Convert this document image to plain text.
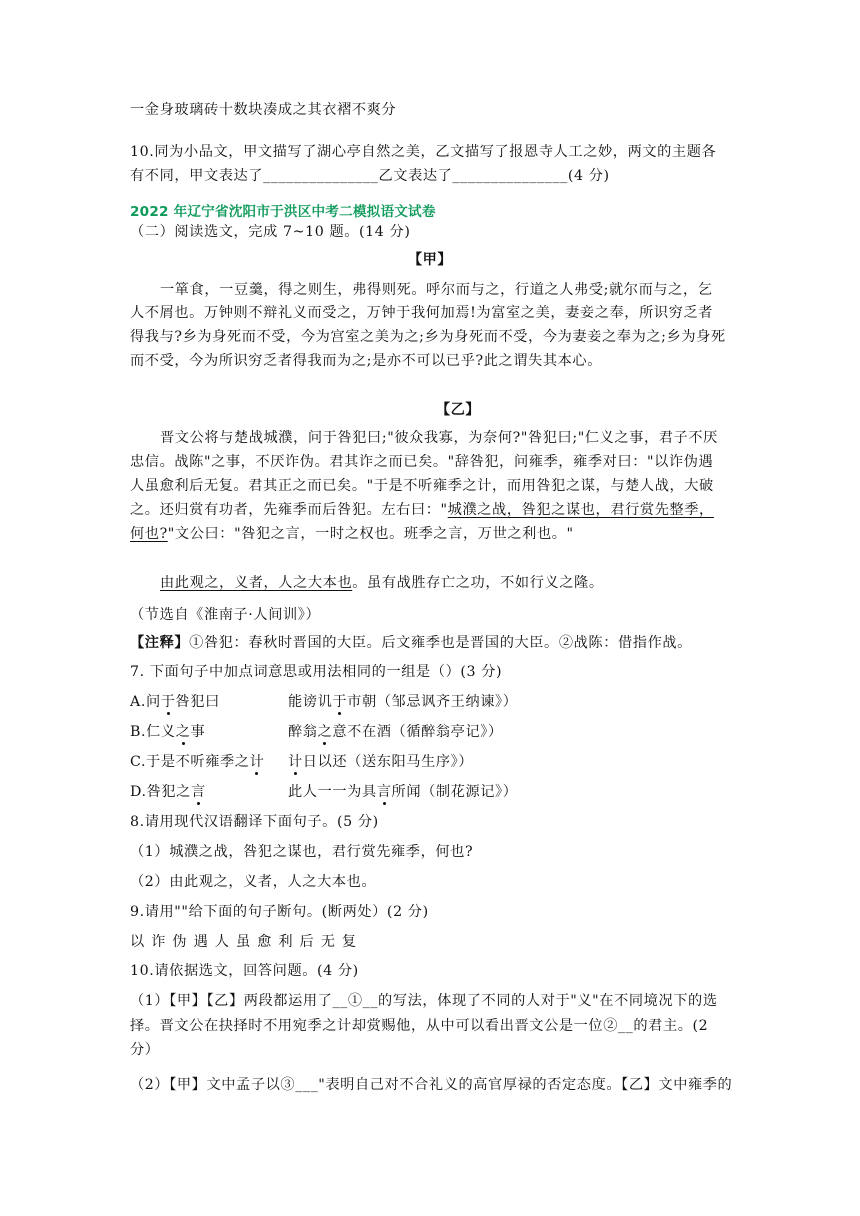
一金身玻璃砖十数块凑成之其衣褶不爽分
10.同为小品文，甲文描写了湖心亭自然之美，乙文描写了报恩寺人工之妙，两文的主题各
有不同，甲文表达了_______________乙文表达了_______________(4 分)
2022 年辽宁省沈阳市于洪区中考二模拟语文试卷
（二）阅读选文，完成 7~10 题。(14 分)
【甲】
一箪食，一豆羹，得之则生，弗得则死。呼尔而与之，行道之人弗受;就尔而与之，乞
人不屑也。万钟则不辩礼义而受之，万钟于我何加焉!为富室之美，妻妾之奉，所识穷乏者
得我与?乡为身死而不受，今为宫室之美为之;乡为身死而不受，今为妻妾之奉为之;乡为身死
而不受，今为所识穷乏者得我而为之;是亦不可以已乎?此之谓失其本心。
【乙】
晋文公将与楚战城濮，问于咎犯曰;"彼众我寡，为奈何?"咎犯曰;"仁义之事，君子不厌
忠信。战陈"之事，不厌诈伪。君其诈之而已矣。"辞咎犯，问雍季，雍季对曰："以诈伪遇
人虽愈利后无复。君其正之而已矣。"于是不听雍季之计，而用咎犯之谋，与楚人战，大破
之。还归赏有功者，先雍季而后咎犯。左右曰："城濮之战，咎犯之谋也，君行赏先整季，
何也?"文公曰："咎犯之言，一时之权也。班季之言，万世之利也。"
由此观之，义者，人之大本也。虽有战胜存亡之功，不如行义之隆。
（节选自《淮南子·人间训》）
【注释】①咎犯：春秋时晋国的大臣。后文雍季也是晋国的大臣。②战陈：借指作战。
7. 下面句子中加点词意思或用法相同的一组是（）(3 分)
A.问于咎犯曰	能谤讥于市朝（邹忌讽齐王纳谏》）
B.仁义之事	醉翁之意不在酒（循醉翁亭记》）
C.于是不听雍季之计 计日以还（送东阳马生序》）
D.咎犯之言	此人一一为具言所闻（制花源记》）
8.请用现代汉语翻译下面句子。(5 分)
（1）城濮之战，咎犯之谋也，君行赏先雍季，何也?
（2）由此观之，义者，人之大本也。
9.请用""给下面的句子断句。(断两处）(2 分)
以诈伪遇人虽愈利后无复
10.请依据选文，回答问题。(4 分)
（1）【甲】【乙】两段都运用了__①__的写法，体现了不同的人对于"义"在不同境况下的选
择。晋文公在抉择时不用宛季之计却赏赐他，从中可以看出晋文公是一位②__的君主。(2
分）
（2）【甲】文中孟子以③___"表明自己对不合礼义的高官厚禄的否定态度。【乙】文中雍季的
